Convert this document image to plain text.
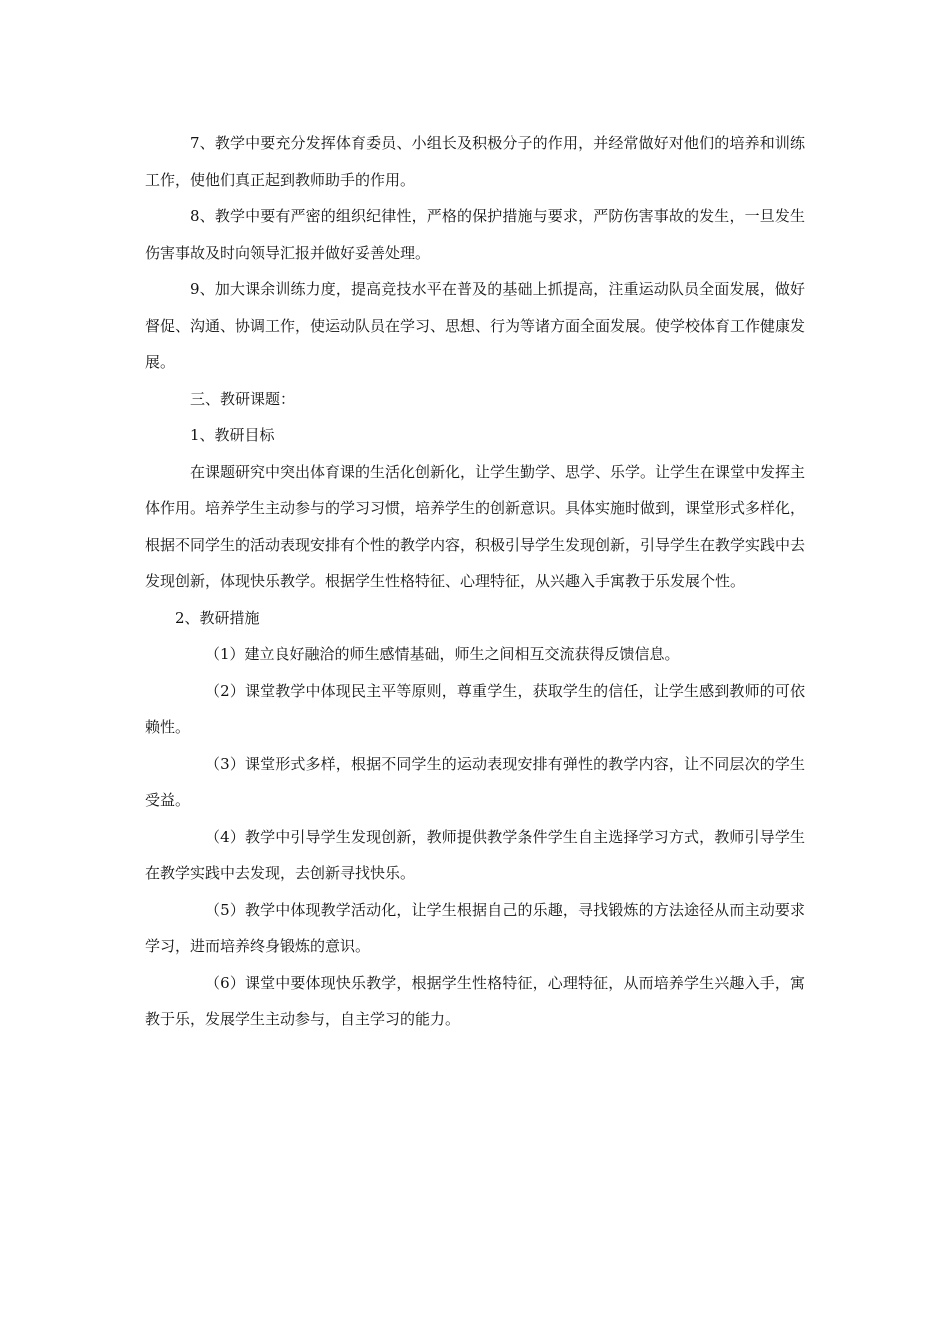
7、教学中要充分发挥体育委员、小组长及积极分子的作用，并经常做好对他们的培养和训练工作，使他们真正起到教师助手的作用。

8、教学中要有严密的组织纪律性，严格的保护措施与要求，严防伤害事故的发生，一旦发生伤害事故及时向领导汇报并做好妥善处理。

9、加大课余训练力度，提高竞技水平在普及的基础上抓提高，注重运动队员全面发展，做好督促、沟通、协调工作，使运动队员在学习、思想、行为等诸方面全面发展。使学校体育工作健康发展。

三、教研课题：

1、教研目标

在课题研究中突出体育课的生活化创新化，让学生勤学、思学、乐学。让学生在课堂中发挥主体作用。培养学生主动参与的学习习惯，培养学生的创新意识。具体实施时做到，课堂形式多样化，根据不同学生的活动表现安排有个性的教学内容，积极引导学生发现创新，引导学生在教学实践中去发现创新，体现快乐教学。根据学生性格特征、心理特征，从兴趣入手寓教于乐发展个性。

2、教研措施

（1）建立良好融洽的师生感情基础，师生之间相互交流获得反馈信息。

（2）课堂教学中体现民主平等原则，尊重学生，获取学生的信任，让学生感到教师的可依赖性。

（3）课堂形式多样，根据不同学生的运动表现安排有弹性的教学内容，让不同层次的学生受益。

（4）教学中引导学生发现创新，教师提供教学条件学生自主选择学习方式，教师引导学生在教学实践中去发现，去创新寻找快乐。

（5）教学中体现教学活动化，让学生根据自己的乐趣，寻找锻炼的方法途径从而主动要求学习，进而培养终身锻炼的意识。

（6）课堂中要体现快乐教学，根据学生性格特征，心理特征，从而培养学生兴趣入手，寓教于乐，发展学生主动参与，自主学习的能力。
